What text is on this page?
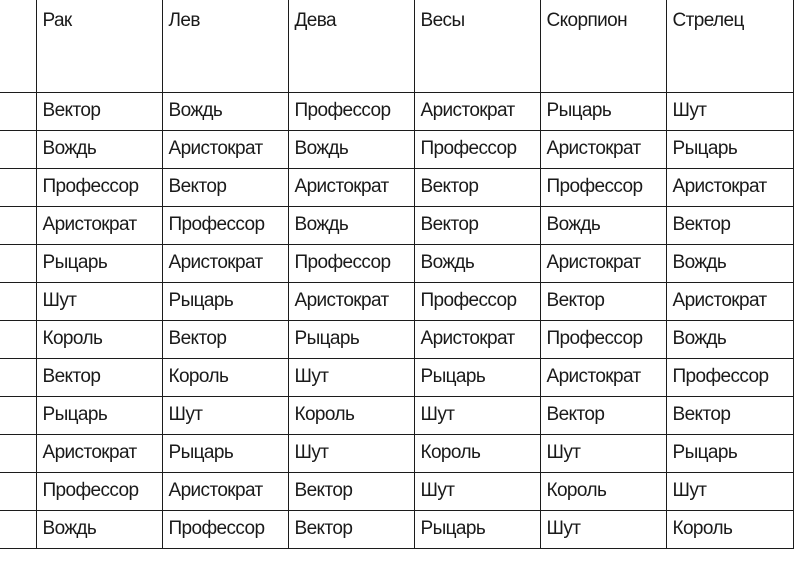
	Рак	Лев	Дева	Весы	Скорпион	Стрелец
	Вектор	Вождь	Профессор	Аристократ	Рыцарь	Шут
	Вождь	Аристократ	Вождь	Профессор	Аристократ	Рыцарь
	Профессор	Вектор	Аристократ	Вектор	Профессор	Аристократ
	Аристократ	Профессор	Вождь	Вектор	Вождь	Вектор
	Рыцарь	Аристократ	Профессор	Вождь	Аристократ	Вождь
	Шут	Рыцарь	Аристократ	Профессор	Вектор	Аристократ
	Король	Вектор	Рыцарь	Аристократ	Профессор	Вождь
	Вектор	Король	Шут	Рыцарь	Аристократ	Профессор
	Рыцарь	Шут	Король	Шут	Вектор	Вектор
	Аристократ	Рыцарь	Шут	Король	Шут	Рыцарь
	Профессор	Аристократ	Вектор	Шут	Король	Шут
	Вождь	Профессор	Вектор	Рыцарь	Шут	Король
